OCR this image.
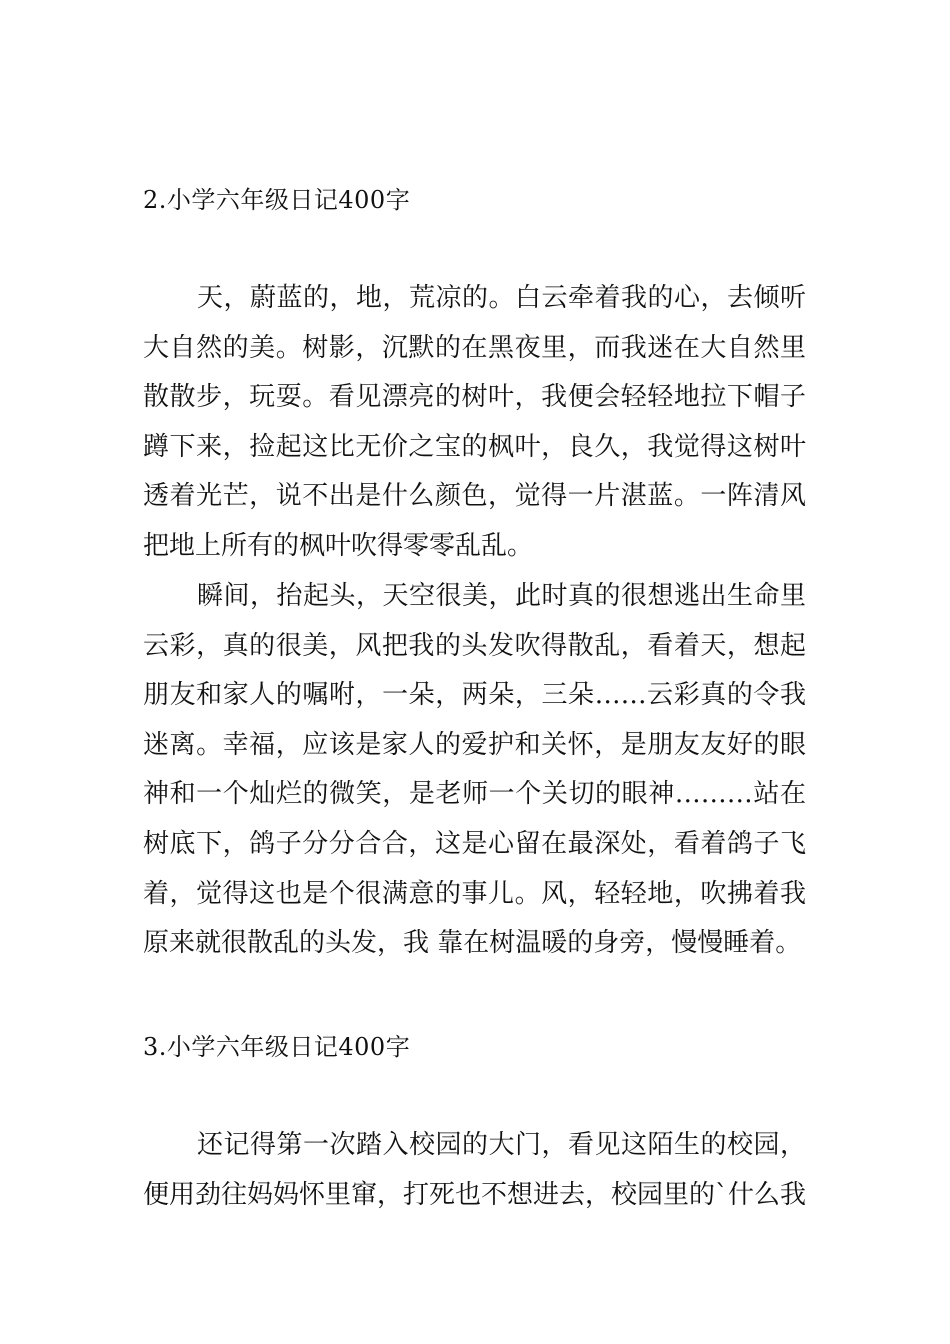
2.小学六年级日记400字
天，蔚蓝的，地，荒凉的。白云牵着我的心，去倾听
大自然的美。树影，沉默的在黑夜里，而我迷在大自然里
散散步，玩耍。看见漂亮的树叶，我便会轻轻地拉下帽子
蹲下来，捡起这比无价之宝的枫叶，良久，我觉得这树叶
透着光芒，说不出是什么颜色，觉得一片湛蓝。一阵清风
把地上所有的枫叶吹得零零乱乱。
瞬间，抬起头，天空很美，此时真的很想逃出生命里
云彩，真的很美，风把我的头发吹得散乱，看着天，想起
朋友和家人的嘱咐，一朵，两朵，三朵……云彩真的令我
迷离。幸福，应该是家人的爱护和关怀，是朋友友好的眼
神和一个灿烂的微笑，是老师一个关切的眼神………站在
树底下，鸽子分分合合，这是心留在最深处，看着鸽子飞
着，觉得这也是个很满意的事儿。风，轻轻地，吹拂着我
原来就很散乱的头发，我 靠在树温暖的身旁，慢慢睡着。
3.小学六年级日记400字
还记得第一次踏入校园的大门，看见这陌生的校园，
便用劲往妈妈怀里窜，打死也不想进去，校园里的`什么我
